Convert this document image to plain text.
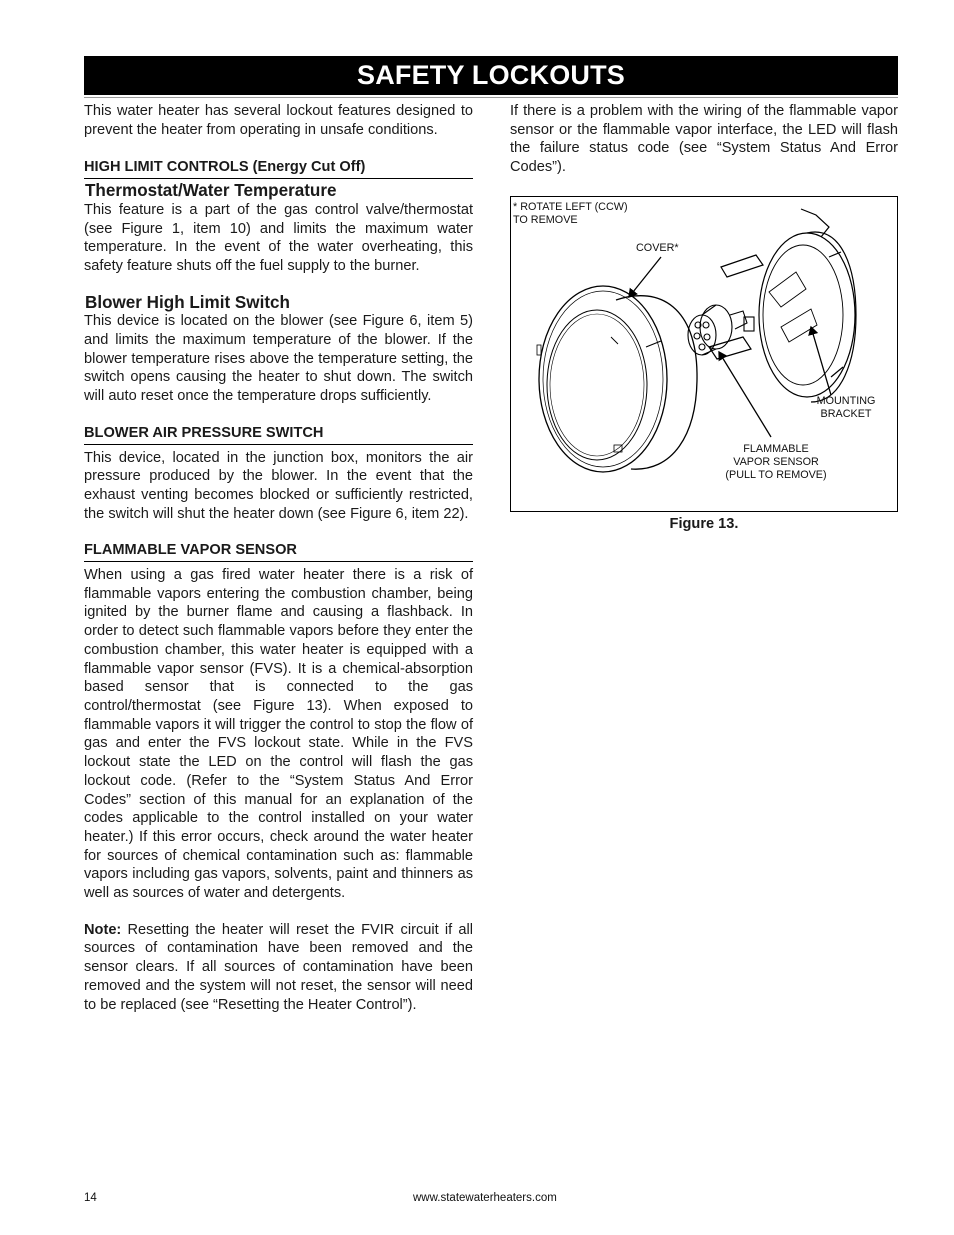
SAFETY LOCKOUTS

This water heater has several lockout features designed to prevent the heater from operating in unsafe conditions.

HIGH LIMIT CONTROLS (Energy Cut Off)
Thermostat/Water Temperature

This feature is a part of the gas control valve/thermostat (see Figure 1, item 10) and limits the maximum water temperature. In the event of the water overheating, this safety feature shuts off the fuel supply to the burner.

Blower High Limit Switch

This device is located on the blower (see Figure 6, item 5) and limits the maximum temperature of the blower. If the blower temperature rises above the temperature setting, the switch opens causing the heater to shut down. The switch will auto reset once the temperature drops sufficiently.

BLOWER AIR PRESSURE SWITCH

This device, located in the junction box, monitors the air pressure produced by the blower. In the event that the exhaust venting becomes blocked or sufficiently restricted, the switch will shut the heater down (see Figure 6, item 22).

FLAMMABLE VAPOR SENSOR

When using a gas fired water heater there is a risk of flammable vapors entering the combustion chamber, being ignited by the burner flame and causing a flashback. In order to detect such flammable vapors before they enter the combustion chamber, this water heater is equipped with a flammable vapor sensor (FVS). It is a chemical-absorption based sensor that is connected to the gas control/thermostat (see Figure 13). When exposed to flammable vapors it will trigger the control to stop the flow of gas and enter the FVS lockout state. While in the FVS lockout state the LED on the control will flash the gas lockout code. (Refer to the “System Status And Error Codes” section of this manual for an explanation of the codes applicable to the control installed on your water heater.) If this error occurs, check around the water heater for sources of chemical contamination such as: flammable vapors including gas vapors, solvents, paint and thinners as well as sources of water and detergents.

Note: Resetting the heater will reset the FVIR circuit if all sources of contamination have been removed and the sensor clears. If all sources of contamination have been removed and the system will not reset, the sensor will need to be replaced (see “Resetting the Heater Control”).

If there is a problem with the wiring of the flammable vapor sensor or the flammable vapor interface, the LED will flash the failure status code (see “System Status And Error Codes”).

* ROTATE LEFT (CCW)
TO REMOVE
COVER*
MOUNTING
BRACKET
FLAMMABLE
VAPOR SENSOR
(PULL TO REMOVE)
Figure 13.
14	www.statewaterheaters.com
